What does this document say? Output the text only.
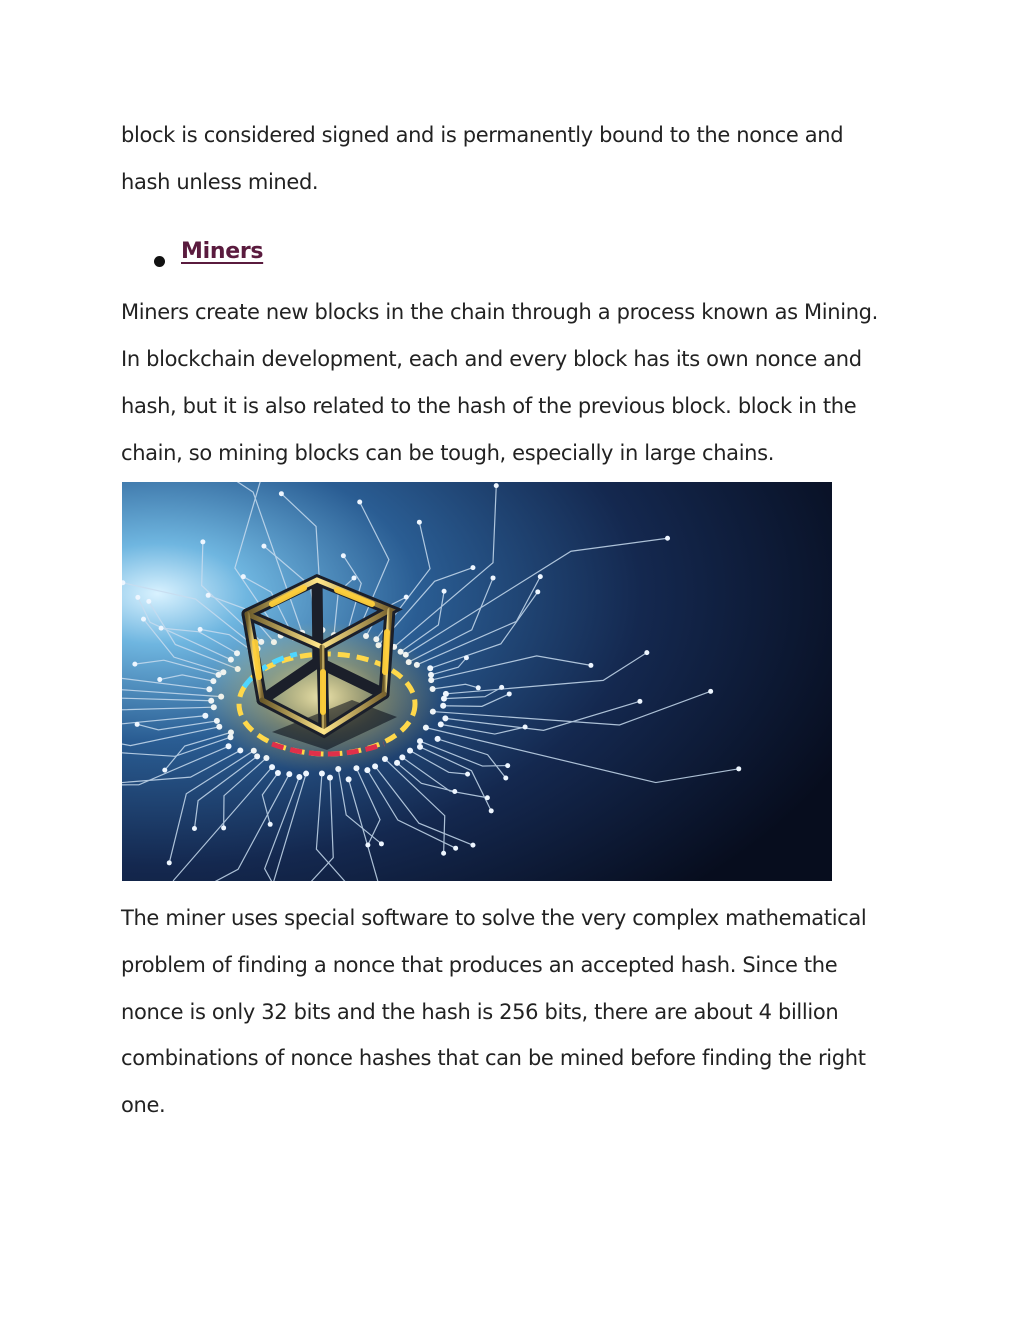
block is considered signed and is permanently bound to the nonce and
hash unless mined.

Miners

Miners create new blocks in the chain through a process known as Mining.
In blockchain development, each and every block has its own nonce and
hash, but it is also related to the hash of the previous block. block in the
chain, so mining blocks can be tough, especially in large chains.

The miner uses special software to solve the very complex mathematical
problem of finding a nonce that produces an accepted hash. Since the
nonce is only 32 bits and the hash is 256 bits, there are about 4 billion
combinations of nonce hashes that can be mined before finding the right
one.
